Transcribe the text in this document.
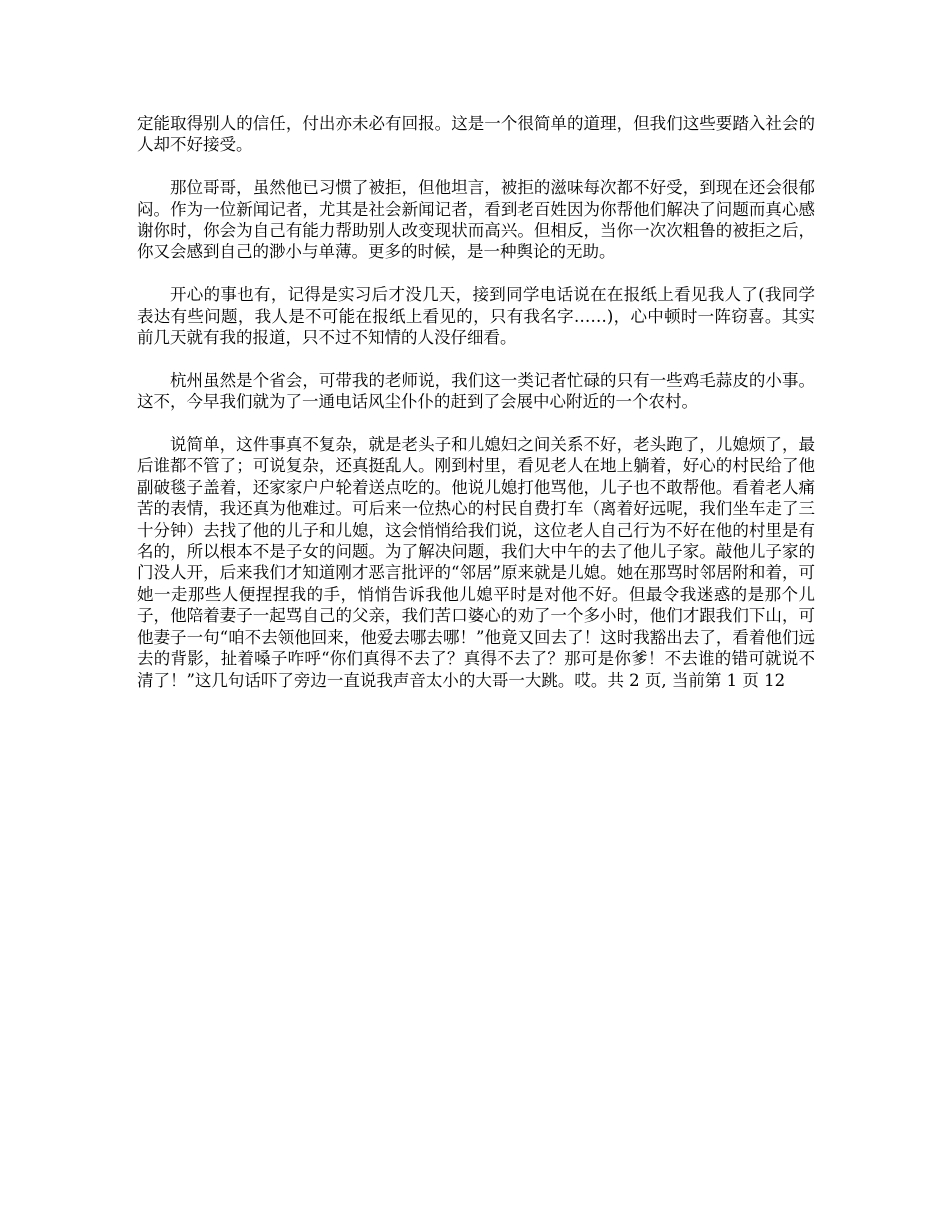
定能取得别人的信任，付出亦未必有回报。这是一个很简单的道理，但我们这些要踏入社会的人却不好接受。

那位哥哥，虽然他已习惯了被拒，但他坦言，被拒的滋味每次都不好受，到现在还会很郁闷。作为一位新闻记者，尤其是社会新闻记者，看到老百姓因为你帮他们解决了问题而真心感谢你时，你会为自己有能力帮助别人改变现状而高兴。但相反，当你一次次粗鲁的被拒之后，你又会感到自己的渺小与单薄。更多的时候，是一种舆论的无助。

开心的事也有，记得是实习后才没几天，接到同学电话说在在报纸上看见我人了(我同学表达有些问题，我人是不可能在报纸上看见的，只有我名字……)，心中顿时一阵窃喜。其实前几天就有我的报道，只不过不知情的人没仔细看。

杭州虽然是个省会，可带我的老师说，我们这一类记者忙碌的只有一些鸡毛蒜皮的小事。这不，今早我们就为了一通电话风尘仆仆的赶到了会展中心附近的一个农村。

说简单，这件事真不复杂，就是老头子和儿媳妇之间关系不好，老头跑了，儿媳烦了，最后谁都不管了；可说复杂，还真挺乱人。刚到村里，看见老人在地上躺着，好心的村民给了他副破毯子盖着，还家家户户轮着送点吃的。他说儿媳打他骂他，儿子也不敢帮他。看着老人痛苦的表情，我还真为他难过。可后来一位热心的村民自费打车（离着好远呢，我们坐车走了三十分钟）去找了他的儿子和儿媳，这会悄悄给我们说，这位老人自己行为不好在他的村里是有名的，所以根本不是子女的问题。为了解决问题，我们大中午的去了他儿子家。敲他儿子家的门没人开，后来我们才知道刚才恶言批评的“邻居”原来就是儿媳。她在那骂时邻居附和着，可她一走那些人便捏捏我的手，悄悄告诉我他儿媳平时是对他不好。但最令我迷惑的是那个儿子，他陪着妻子一起骂自己的父亲，我们苦口婆心的劝了一个多小时，他们才跟我们下山，可他妻子一句“咱不去领他回来，他爱去哪去哪！”他竟又回去了！这时我豁出去了，看着他们远去的背影，扯着嗓子咋呼“你们真得不去了？真得不去了？那可是你爹！不去谁的错可就说不清了！”这几句话吓了旁边一直说我声音太小的大哥一大跳。哎。共 2 页, 当前第 1 页 12
